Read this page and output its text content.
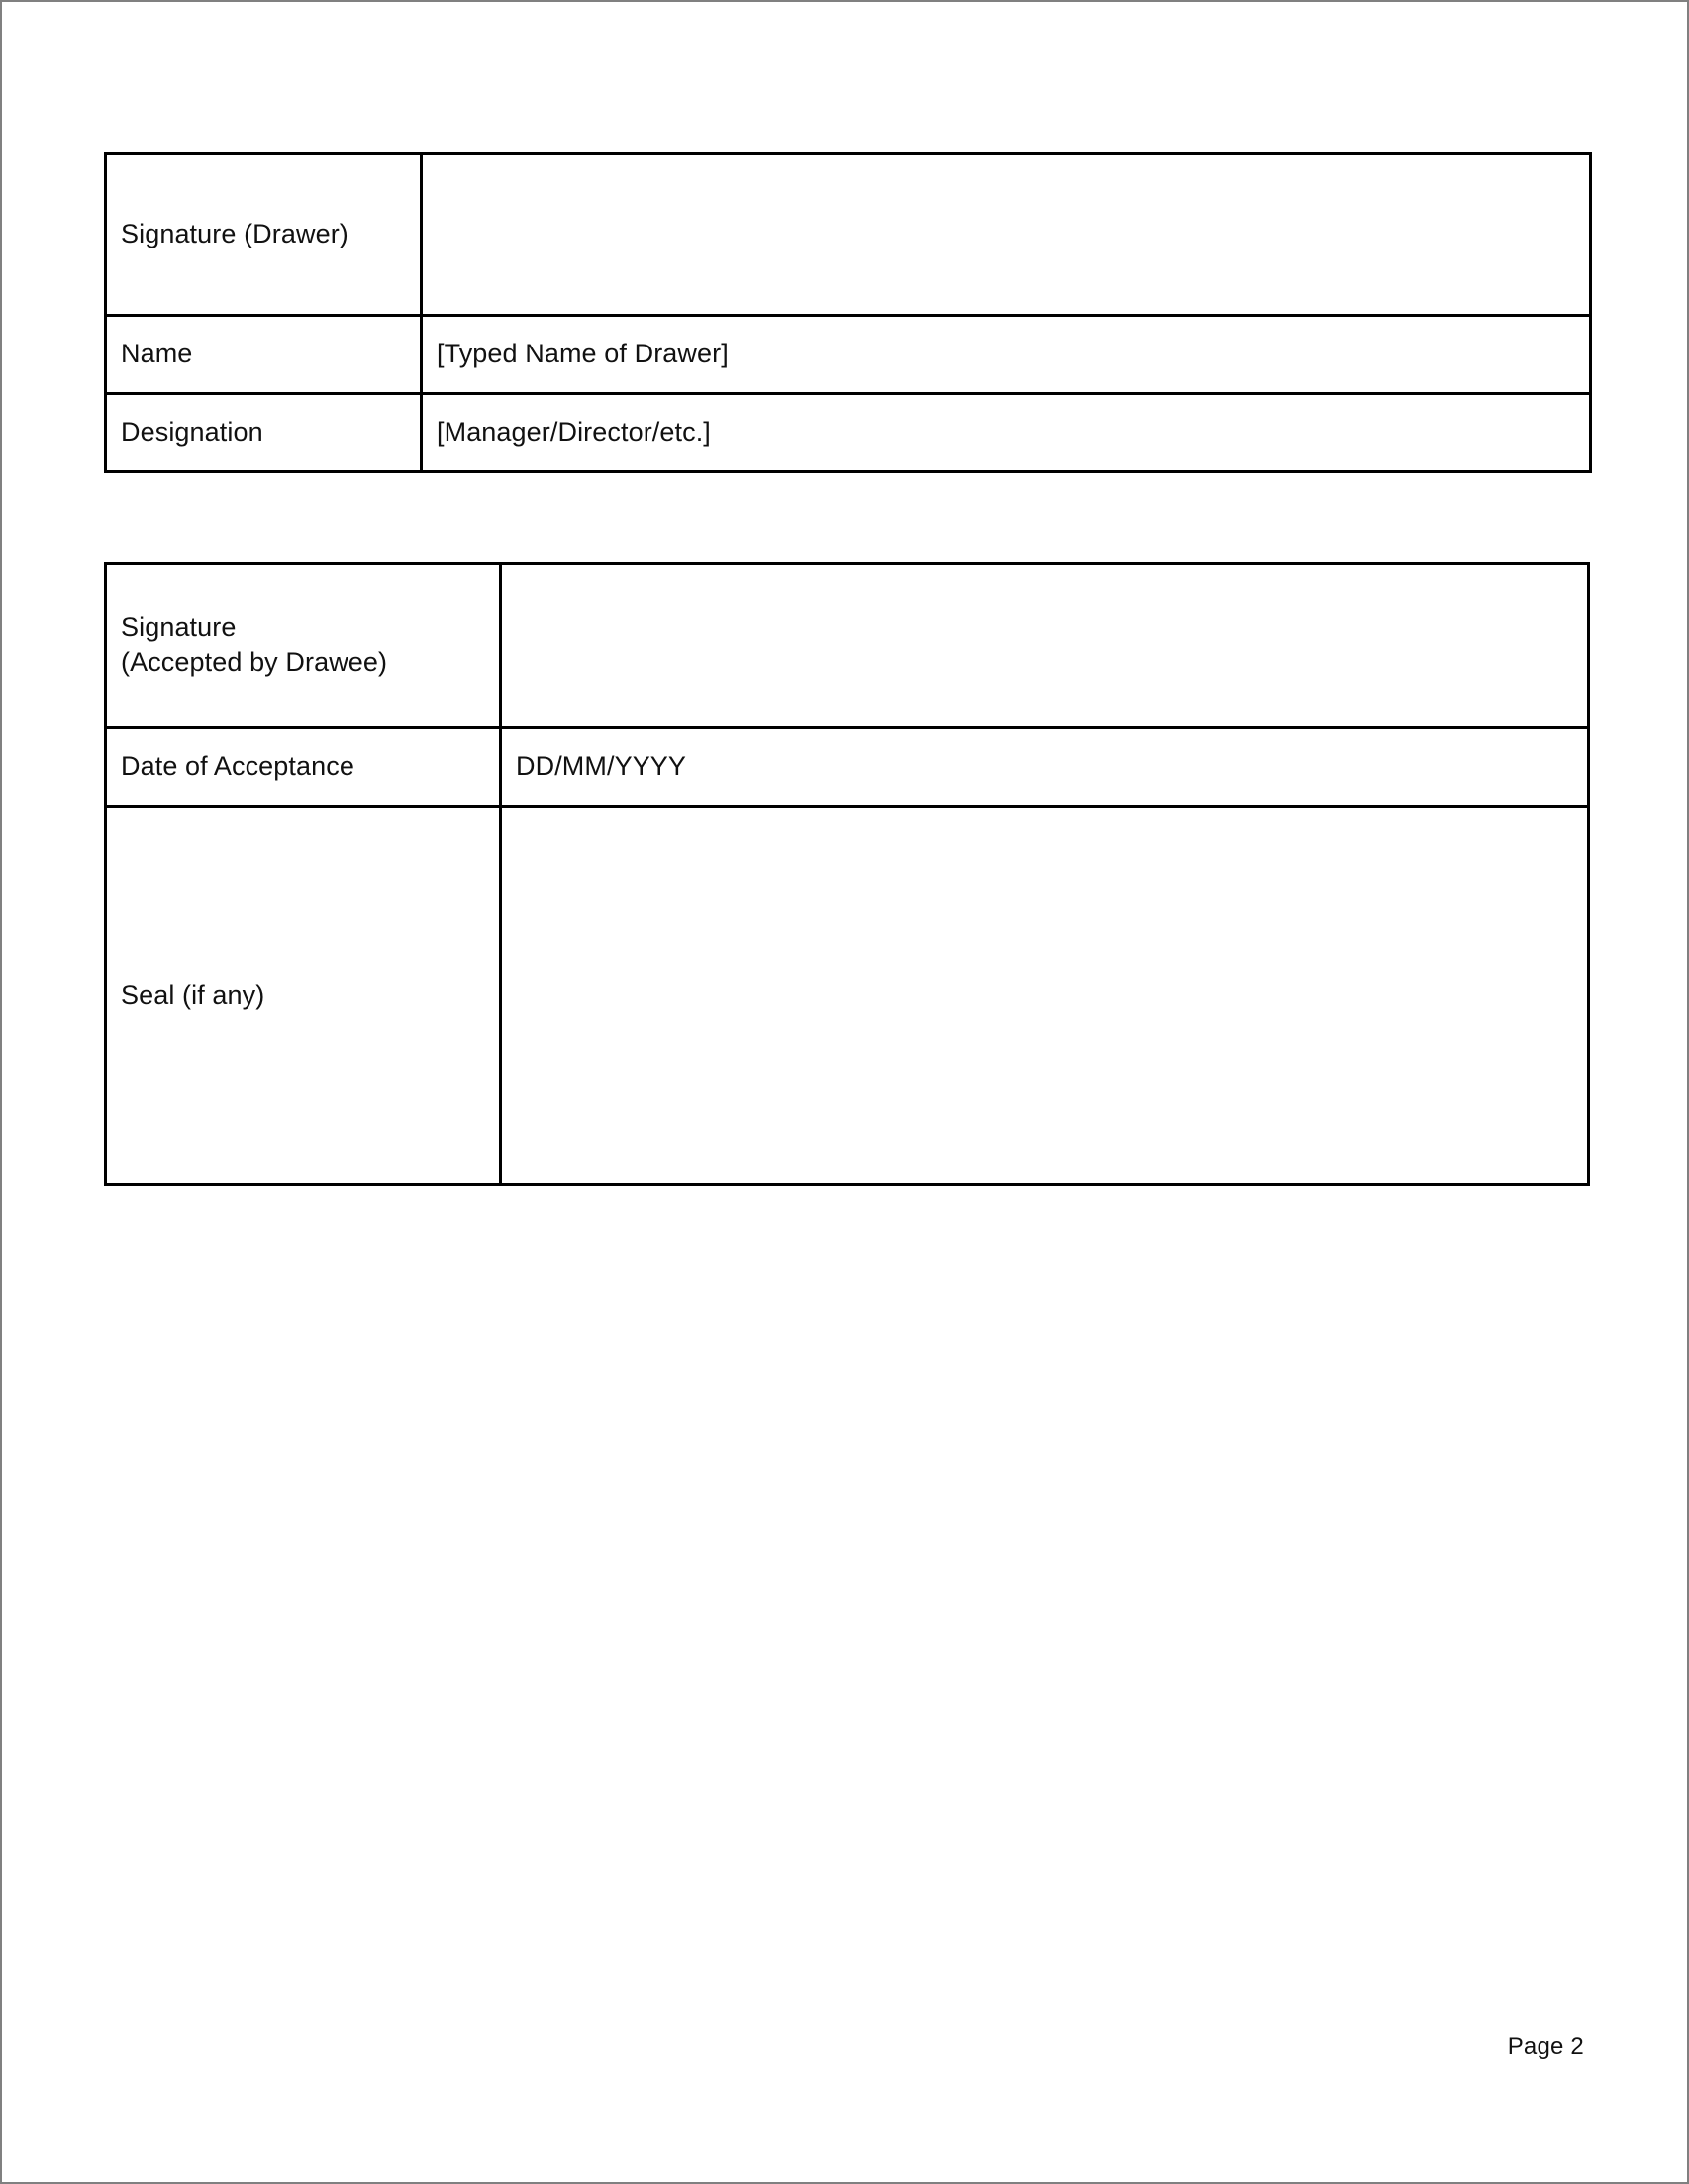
Signature (Drawer)	
Name	[Typed Name of Drawer]
Designation	[Manager/Director/etc.]
Signature
(Accepted by Drawee)	

Date of Acceptance	DD/MM/YYYY
Seal (if any)	
Page 2
